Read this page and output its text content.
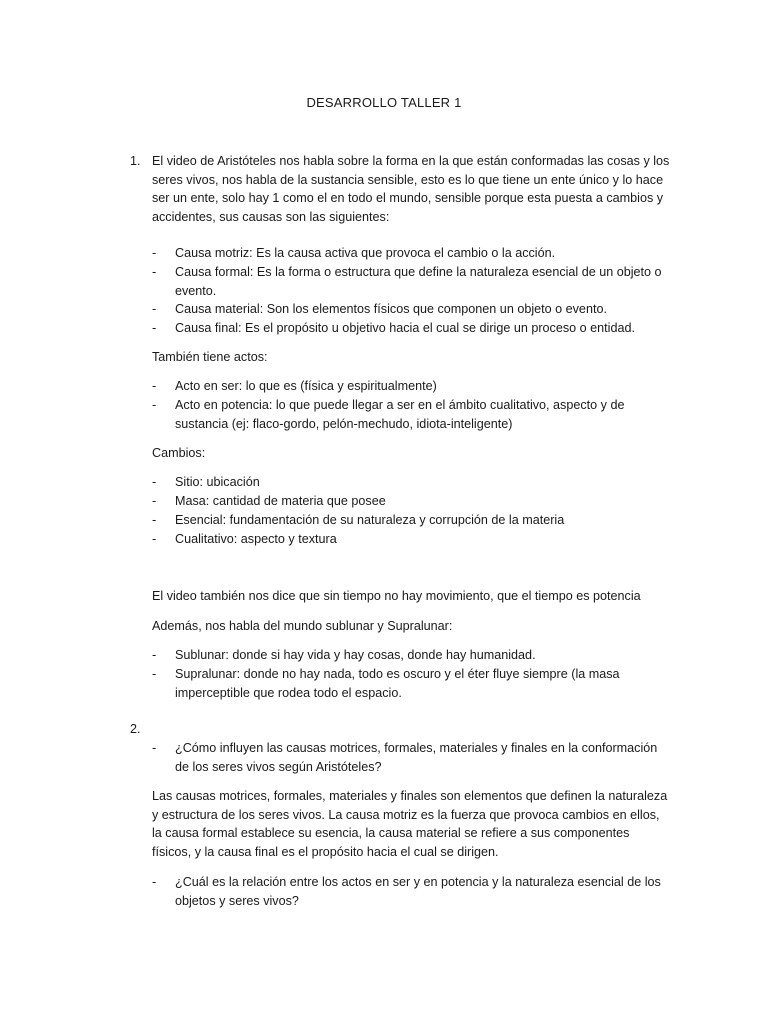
DESARROLLO TALLER 1
1. El video de Aristóteles nos habla sobre la forma en la que están conformadas las cosas y los seres vivos, nos habla de la sustancia sensible, esto es lo que tiene un ente único y lo hace ser un ente, solo hay 1 como el en todo el mundo, sensible porque esta puesta a cambios y accidentes, sus causas son las siguientes:

- Causa motriz: Es la causa activa que provoca el cambio o la acción.
- Causa formal: Es la forma o estructura que define la naturaleza esencial de un objeto o evento.
- Causa material: Son los elementos físicos que componen un objeto o evento.
- Causa final: Es el propósito u objetivo hacia el cual se dirige un proceso o entidad.

También tiene actos:

- Acto en ser: lo que es (física y espiritualmente)
- Acto en potencia: lo que puede llegar a ser en el ámbito cualitativo, aspecto y de sustancia (ej: flaco-gordo, pelón-mechudo, idiota-inteligente)

Cambios:

- Sitio: ubicación
- Masa: cantidad de materia que posee
- Esencial: fundamentación de su naturaleza y corrupción de la materia
- Cualitativo: aspecto y textura

El video también nos dice que sin tiempo no hay movimiento, que el tiempo es potencia

Además, nos habla del mundo sublunar y Supralunar:

- Sublunar: donde si hay vida y hay cosas, donde hay humanidad.
- Supralunar: donde no hay nada, todo es oscuro y el éter fluye siempre (la masa imperceptible que rodea todo el espacio.
2.
- ¿Cómo influyen las causas motrices, formales, materiales y finales en la conformación de los seres vivos según Aristóteles?

Las causas motrices, formales, materiales y finales son elementos que definen la naturaleza y estructura de los seres vivos. La causa motriz es la fuerza que provoca cambios en ellos, la causa formal establece su esencia, la causa material se refiere a sus componentes físicos, y la causa final es el propósito hacia el cual se dirigen.

- ¿Cuál es la relación entre los actos en ser y en potencia y la naturaleza esencial de los objetos y seres vivos?
